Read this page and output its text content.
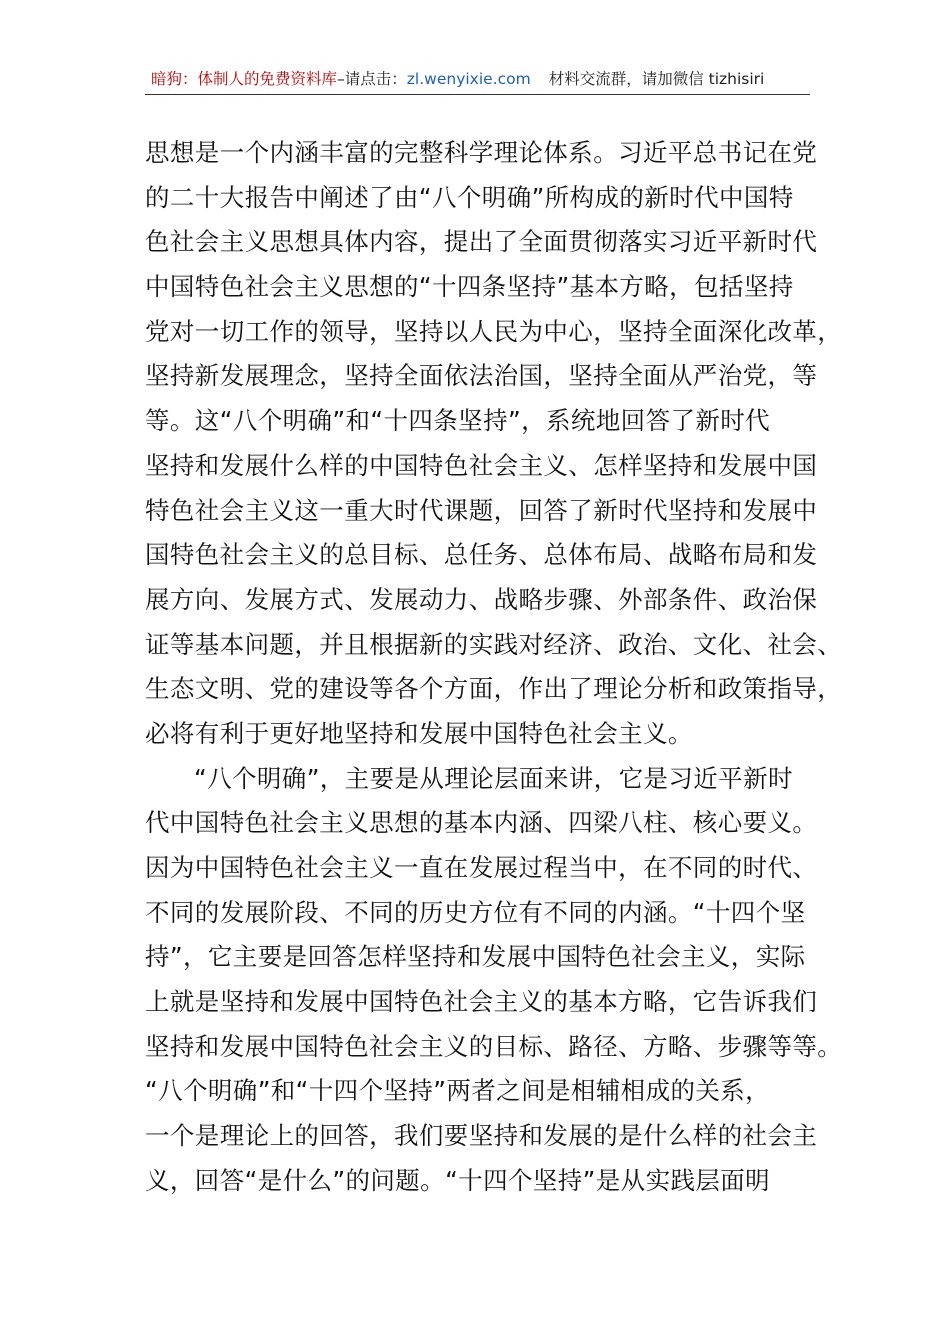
暗狗：体制人的免费资料库–请点击：zl.wenyixie.com 材料交流群，请加微信 tizhisiri
思想是一个内涵丰富的完整科学理论体系。习近平总书记在党
的二十大报告中阐述了由“八个明确”所构成的新时代中国特
色社会主义思想具体内容，提出了全面贯彻落实习近平新时代
中国特色社会主义思想的“十四条坚持”基本方略，包括坚持
党对一切工作的领导，坚持以人民为中心，坚持全面深化改革，
坚持新发展理念，坚持全面依法治国，坚持全面从严治党，等
等。这“八个明确”和“十四条坚持”，系统地回答了新时代
坚持和发展什么样的中国特色社会主义、怎样坚持和发展中国
特色社会主义这一重大时代课题，回答了新时代坚持和发展中
国特色社会主义的总目标、总任务、总体布局、战略布局和发
展方向、发展方式、发展动力、战略步骤、外部条件、政治保
证等基本问题，并且根据新的实践对经济、政治、文化、社会、
生态文明、党的建设等各个方面，作出了理论分析和政策指导，
必将有利于更好地坚持和发展中国特色社会主义。
“八个明确”，主要是从理论层面来讲，它是习近平新时
代中国特色社会主义思想的基本内涵、四梁八柱、核心要义。
因为中国特色社会主义一直在发展过程当中，在不同的时代、
不同的发展阶段、不同的历史方位有不同的内涵。“十四个坚
持”，它主要是回答怎样坚持和发展中国特色社会主义，实际
上就是坚持和发展中国特色社会主义的基本方略，它告诉我们
坚持和发展中国特色社会主义的目标、路径、方略、步骤等等。
“八个明确”和“十四个坚持”两者之间是相辅相成的关系，
一个是理论上的回答，我们要坚持和发展的是什么样的社会主
义，回答“是什么”的问题。“十四个坚持”是从实践层面明
